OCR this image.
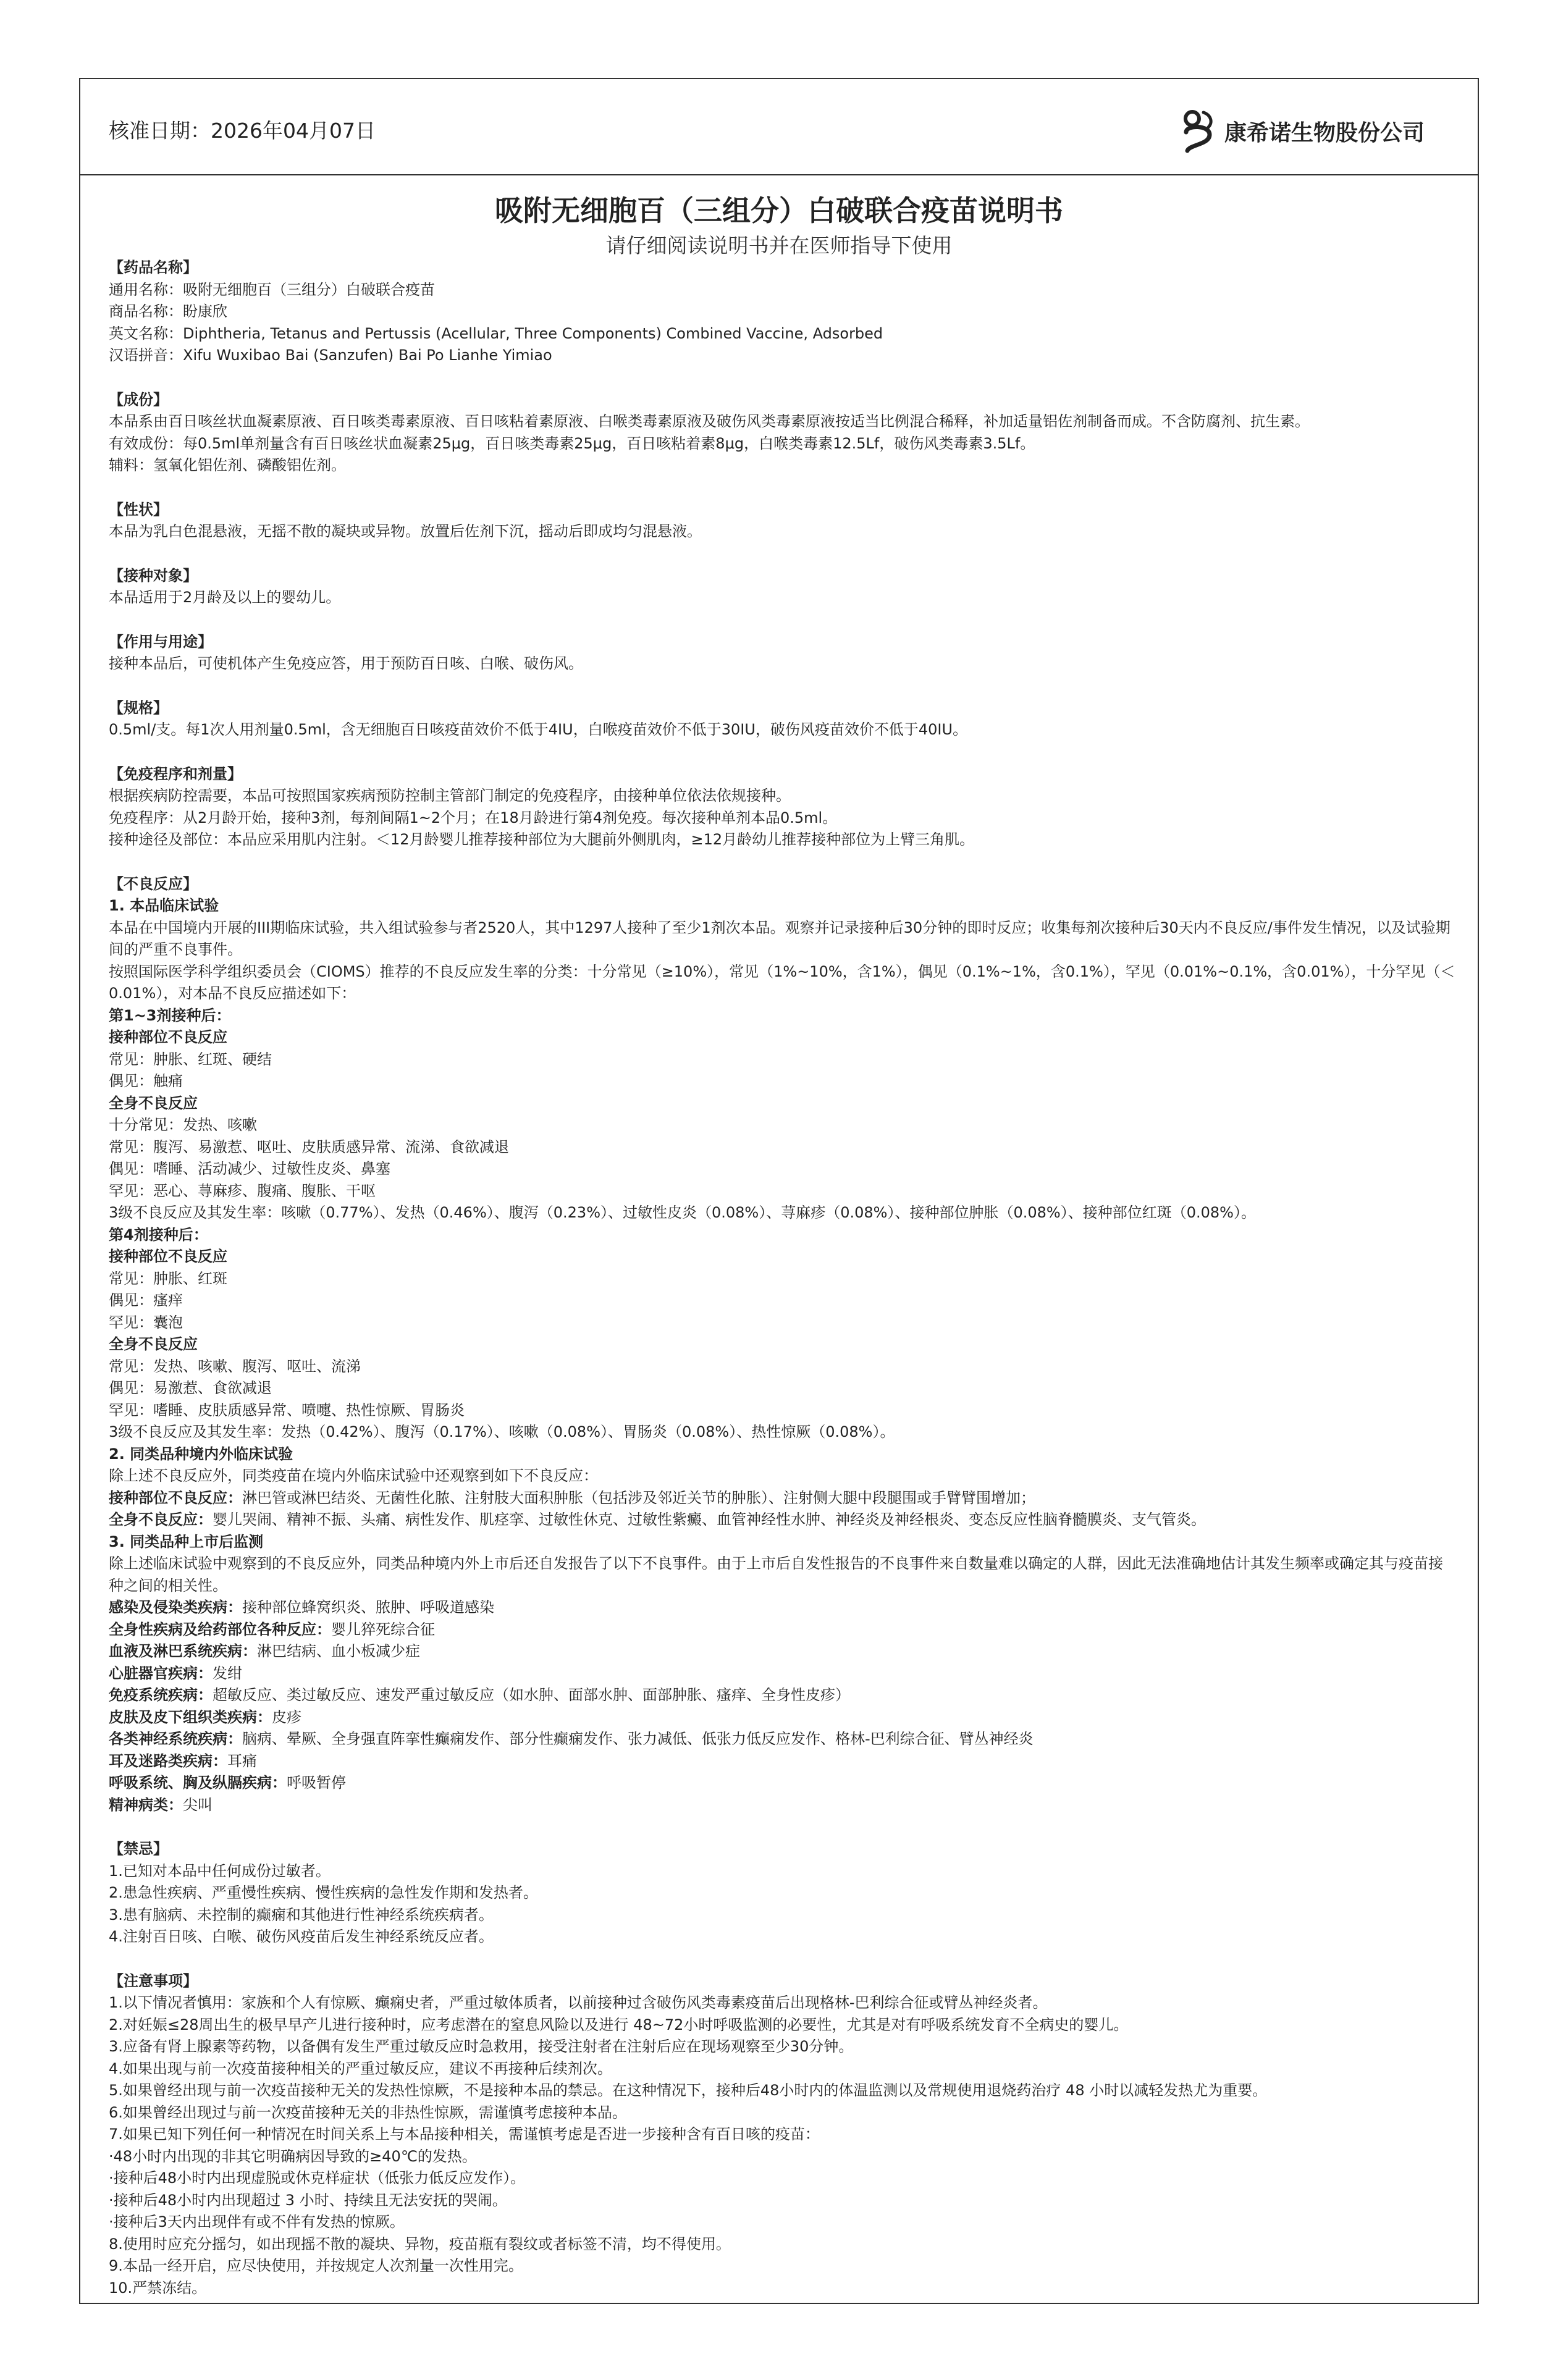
核准日期：2026年04月07日	康希诺生物股份公司
吸附无细胞百（三组分）白破联合疫苗说明书
请仔细阅读说明书并在医师指导下使用
【药品名称】
通用名称：吸附无细胞百（三组分）白破联合疫苗
商品名称：盼康欣
英文名称：Diphtheria, Tetanus and Pertussis (Acellular, Three Components) Combined Vaccine, Adsorbed
汉语拼音：Xifu Wuxibao Bai (Sanzufen) Bai Po Lianhe Yimiao
【成份】
本品系由百日咳丝状血凝素原液、百日咳类毒素原液、百日咳粘着素原液、白喉类毒素原液及破伤风类毒素原液按适当比例混合稀释，补加适量铝佐剂制备而成。不含防腐剂、抗生素。
有效成份：每0.5ml单剂量含有百日咳丝状血凝素25μg，百日咳类毒素25μg，百日咳粘着素8μg，白喉类毒素12.5Lf，破伤风类毒素3.5Lf。
辅料：氢氧化铝佐剂、磷酸铝佐剂。
【性状】
本品为乳白色混悬液，无摇不散的凝块或异物。放置后佐剂下沉，摇动后即成均匀混悬液。
【接种对象】
本品适用于2月龄及以上的婴幼儿。
【作用与用途】
接种本品后，可使机体产生免疫应答，用于预防百日咳、白喉、破伤风。
【规格】
0.5ml/支。每1次人用剂量0.5ml，含无细胞百日咳疫苗效价不低于4IU，白喉疫苗效价不低于30IU，破伤风疫苗效价不低于40IU。
【免疫程序和剂量】
根据疾病防控需要，本品可按照国家疾病预防控制主管部门制定的免疫程序，由接种单位依法依规接种。
免疫程序：从2月龄开始，接种3剂，每剂间隔1~2个月；在18月龄进行第4剂免疫。每次接种单剂本品0.5ml。
接种途径及部位：本品应采用肌内注射。＜12月龄婴儿推荐接种部位为大腿前外侧肌肉，≥12月龄幼儿推荐接种部位为上臂三角肌。
【不良反应】
1. 本品临床试验
本品在中国境内开展的III期临床试验，共入组试验参与者2520人，其中1297人接种了至少1剂次本品。观察并记录接种后30分钟的即时反应；收集每剂次接种后30天内不良反应/事件发生情况，以及试验期间的严重不良事件。
按照国际医学科学组织委员会（CIOMS）推荐的不良反应发生率的分类：十分常见（≥10%），常见（1%~10%，含1%），偶见（0.1%~1%，含0.1%），罕见（0.01%~0.1%，含0.01%），十分罕见（＜0.01%），对本品不良反应描述如下：
第1~3剂接种后：
接种部位不良反应
常见：肿胀、红斑、硬结
偶见：触痛
全身不良反应
十分常见：发热、咳嗽
常见：腹泻、易激惹、呕吐、皮肤质感异常、流涕、食欲减退
偶见：嗜睡、活动减少、过敏性皮炎、鼻塞
罕见：恶心、荨麻疹、腹痛、腹胀、干呕
3级不良反应及其发生率：咳嗽（0.77%）、发热（0.46%）、腹泻（0.23%）、过敏性皮炎（0.08%）、荨麻疹（0.08%）、接种部位肿胀（0.08%）、接种部位红斑（0.08%）。
第4剂接种后：
接种部位不良反应
常见：肿胀、红斑
偶见：瘙痒
罕见：囊泡
全身不良反应
常见：发热、咳嗽、腹泻、呕吐、流涕
偶见：易激惹、食欲减退
罕见：嗜睡、皮肤质感异常、喷嚏、热性惊厥、胃肠炎
3级不良反应及其发生率：发热（0.42%）、腹泻（0.17%）、咳嗽（0.08%）、胃肠炎（0.08%）、热性惊厥（0.08%）。
2. 同类品种境内外临床试验
除上述不良反应外，同类疫苗在境内外临床试验中还观察到如下不良反应：
接种部位不良反应：淋巴管或淋巴结炎、无菌性化脓、注射肢大面积肿胀（包括涉及邻近关节的肿胀）、注射侧大腿中段腿围或手臂臂围增加；
全身不良反应：婴儿哭闹、精神不振、头痛、病性发作、肌痉挛、过敏性休克、过敏性紫癜、血管神经性水肿、神经炎及神经根炎、变态反应性脑脊髓膜炎、支气管炎。
3. 同类品种上市后监测
除上述临床试验中观察到的不良反应外，同类品种境内外上市后还自发报告了以下不良事件。由于上市后自发性报告的不良事件来自数量难以确定的人群，因此无法准确地估计其发生频率或确定其与疫苗接种之间的相关性。
感染及侵染类疾病：接种部位蜂窝织炎、脓肿、呼吸道感染
全身性疾病及给药部位各种反应：婴儿猝死综合征
血液及淋巴系统疾病：淋巴结病、血小板减少症
心脏器官疾病：发绀
免疫系统疾病：超敏反应、类过敏反应、速发严重过敏反应（如水肿、面部水肿、面部肿胀、瘙痒、全身性皮疹）
皮肤及皮下组织类疾病：皮疹
各类神经系统疾病：脑病、晕厥、全身强直阵挛性癫痫发作、部分性癫痫发作、张力减低、低张力低反应发作、格林-巴利综合征、臂丛神经炎
耳及迷路类疾病：耳痛
呼吸系统、胸及纵膈疾病：呼吸暂停
精神病类：尖叫
【禁忌】
1.已知对本品中任何成份过敏者。
2.患急性疾病、严重慢性疾病、慢性疾病的急性发作期和发热者。
3.患有脑病、未控制的癫痫和其他进行性神经系统疾病者。
4.注射百日咳、白喉、破伤风疫苗后发生神经系统反应者。
【注意事项】
1.以下情况者慎用：家族和个人有惊厥、癫痫史者，严重过敏体质者，以前接种过含破伤风类毒素疫苗后出现格林-巴利综合征或臂丛神经炎者。
2.对妊娠≤28周出生的极早早产儿进行接种时，应考虑潜在的窒息风险以及进行 48~72小时呼吸监测的必要性，尤其是对有呼吸系统发育不全病史的婴儿。
3.应备有肾上腺素等药物，以备偶有发生严重过敏反应时急救用，接受注射者在注射后应在现场观察至少30分钟。
4.如果出现与前一次疫苗接种相关的严重过敏反应，建议不再接种后续剂次。
5.如果曾经出现与前一次疫苗接种无关的发热性惊厥，不是接种本品的禁忌。在这种情况下，接种后48小时内的体温监测以及常规使用退烧药治疗 48 小时以减轻发热尤为重要。
6.如果曾经出现过与前一次疫苗接种无关的非热性惊厥，需谨慎考虑接种本品。
7.如果已知下列任何一种情况在时间关系上与本品接种相关，需谨慎考虑是否进一步接种含有百日咳的疫苗：
·48小时内出现的非其它明确病因导致的≥40℃的发热。
·接种后48小时内出现虚脱或休克样症状（低张力低反应发作）。
·接种后48小时内出现超过 3 小时、持续且无法安抚的哭闹。
·接种后3天内出现伴有或不伴有发热的惊厥。
8.使用时应充分摇匀，如出现摇不散的凝块、异物，疫苗瓶有裂纹或者标签不清，均不得使用。
9.本品一经开启，应尽快使用，并按规定人次剂量一次性用完。
10.严禁冻结。
